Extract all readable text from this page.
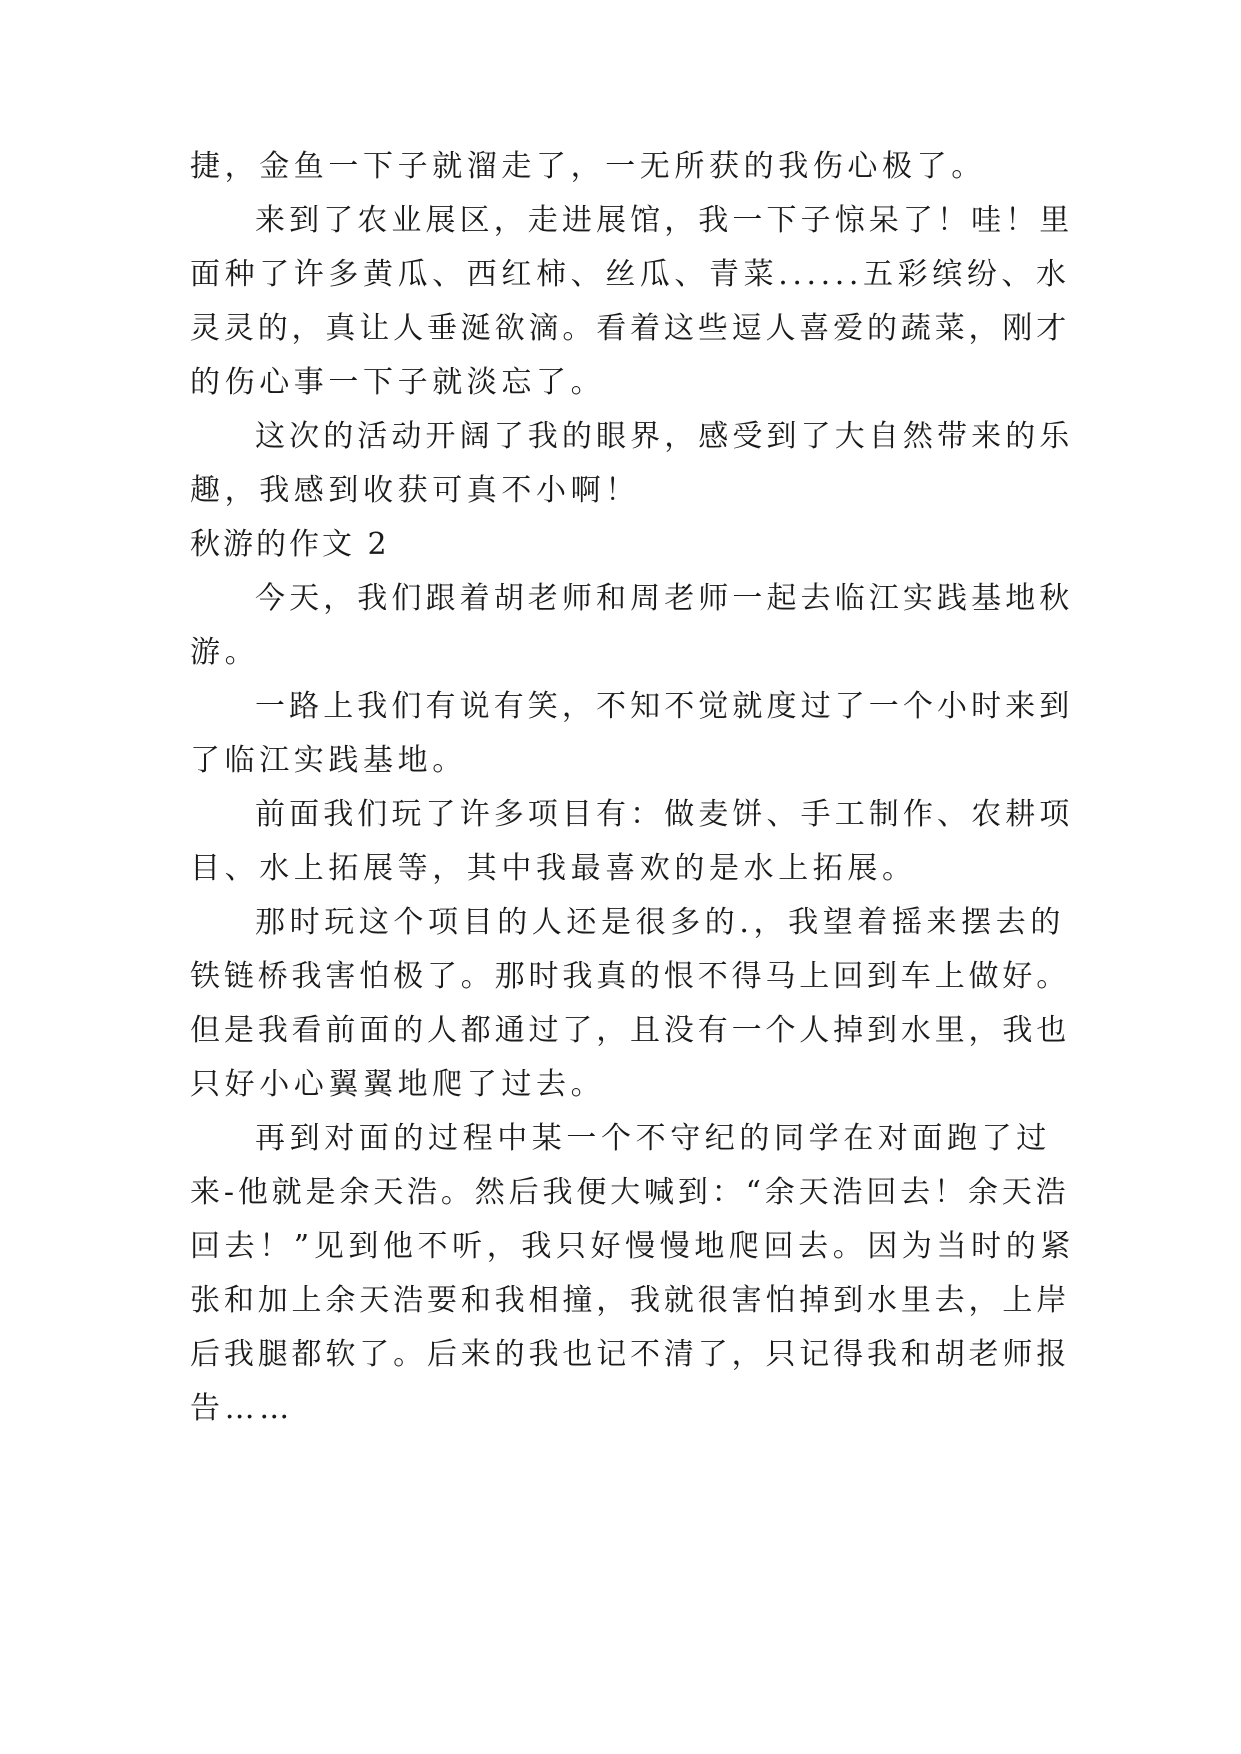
捷，金鱼一下子就溜走了，一无所获的我伤心极了。

来到了农业展区，走进展馆，我一下子惊呆了！哇！里

面种了许多黄瓜、西红柿、丝瓜、青菜......五彩缤纷、水

灵灵的，真让人垂涎欲滴。看着这些逗人喜爱的蔬菜，刚才

的伤心事一下子就淡忘了。

这次的活动开阔了我的眼界，感受到了大自然带来的乐

趣，我感到收获可真不小啊！

秋游的作文 2

今天，我们跟着胡老师和周老师一起去临江实践基地秋

游。

一路上我们有说有笑，不知不觉就度过了一个小时来到

了临江实践基地。

前面我们玩了许多项目有：做麦饼、手工制作、农耕项

目、水上拓展等，其中我最喜欢的是水上拓展。

那时玩这个项目的人还是很多的.，我望着摇来摆去的

铁链桥我害怕极了。那时我真的恨不得马上回到车上做好。

但是我看前面的人都通过了，且没有一个人掉到水里，我也

只好小心翼翼地爬了过去。

再到对面的过程中某一个不守纪的同学在对面跑了过

来-他就是余天浩。然后我便大喊到：“余天浩回去！余天浩

回去！”见到他不听，我只好慢慢地爬回去。因为当时的紧

张和加上余天浩要和我相撞，我就很害怕掉到水里去，上岸

后我腿都软了。后来的我也记不清了，只记得我和胡老师报

告……
